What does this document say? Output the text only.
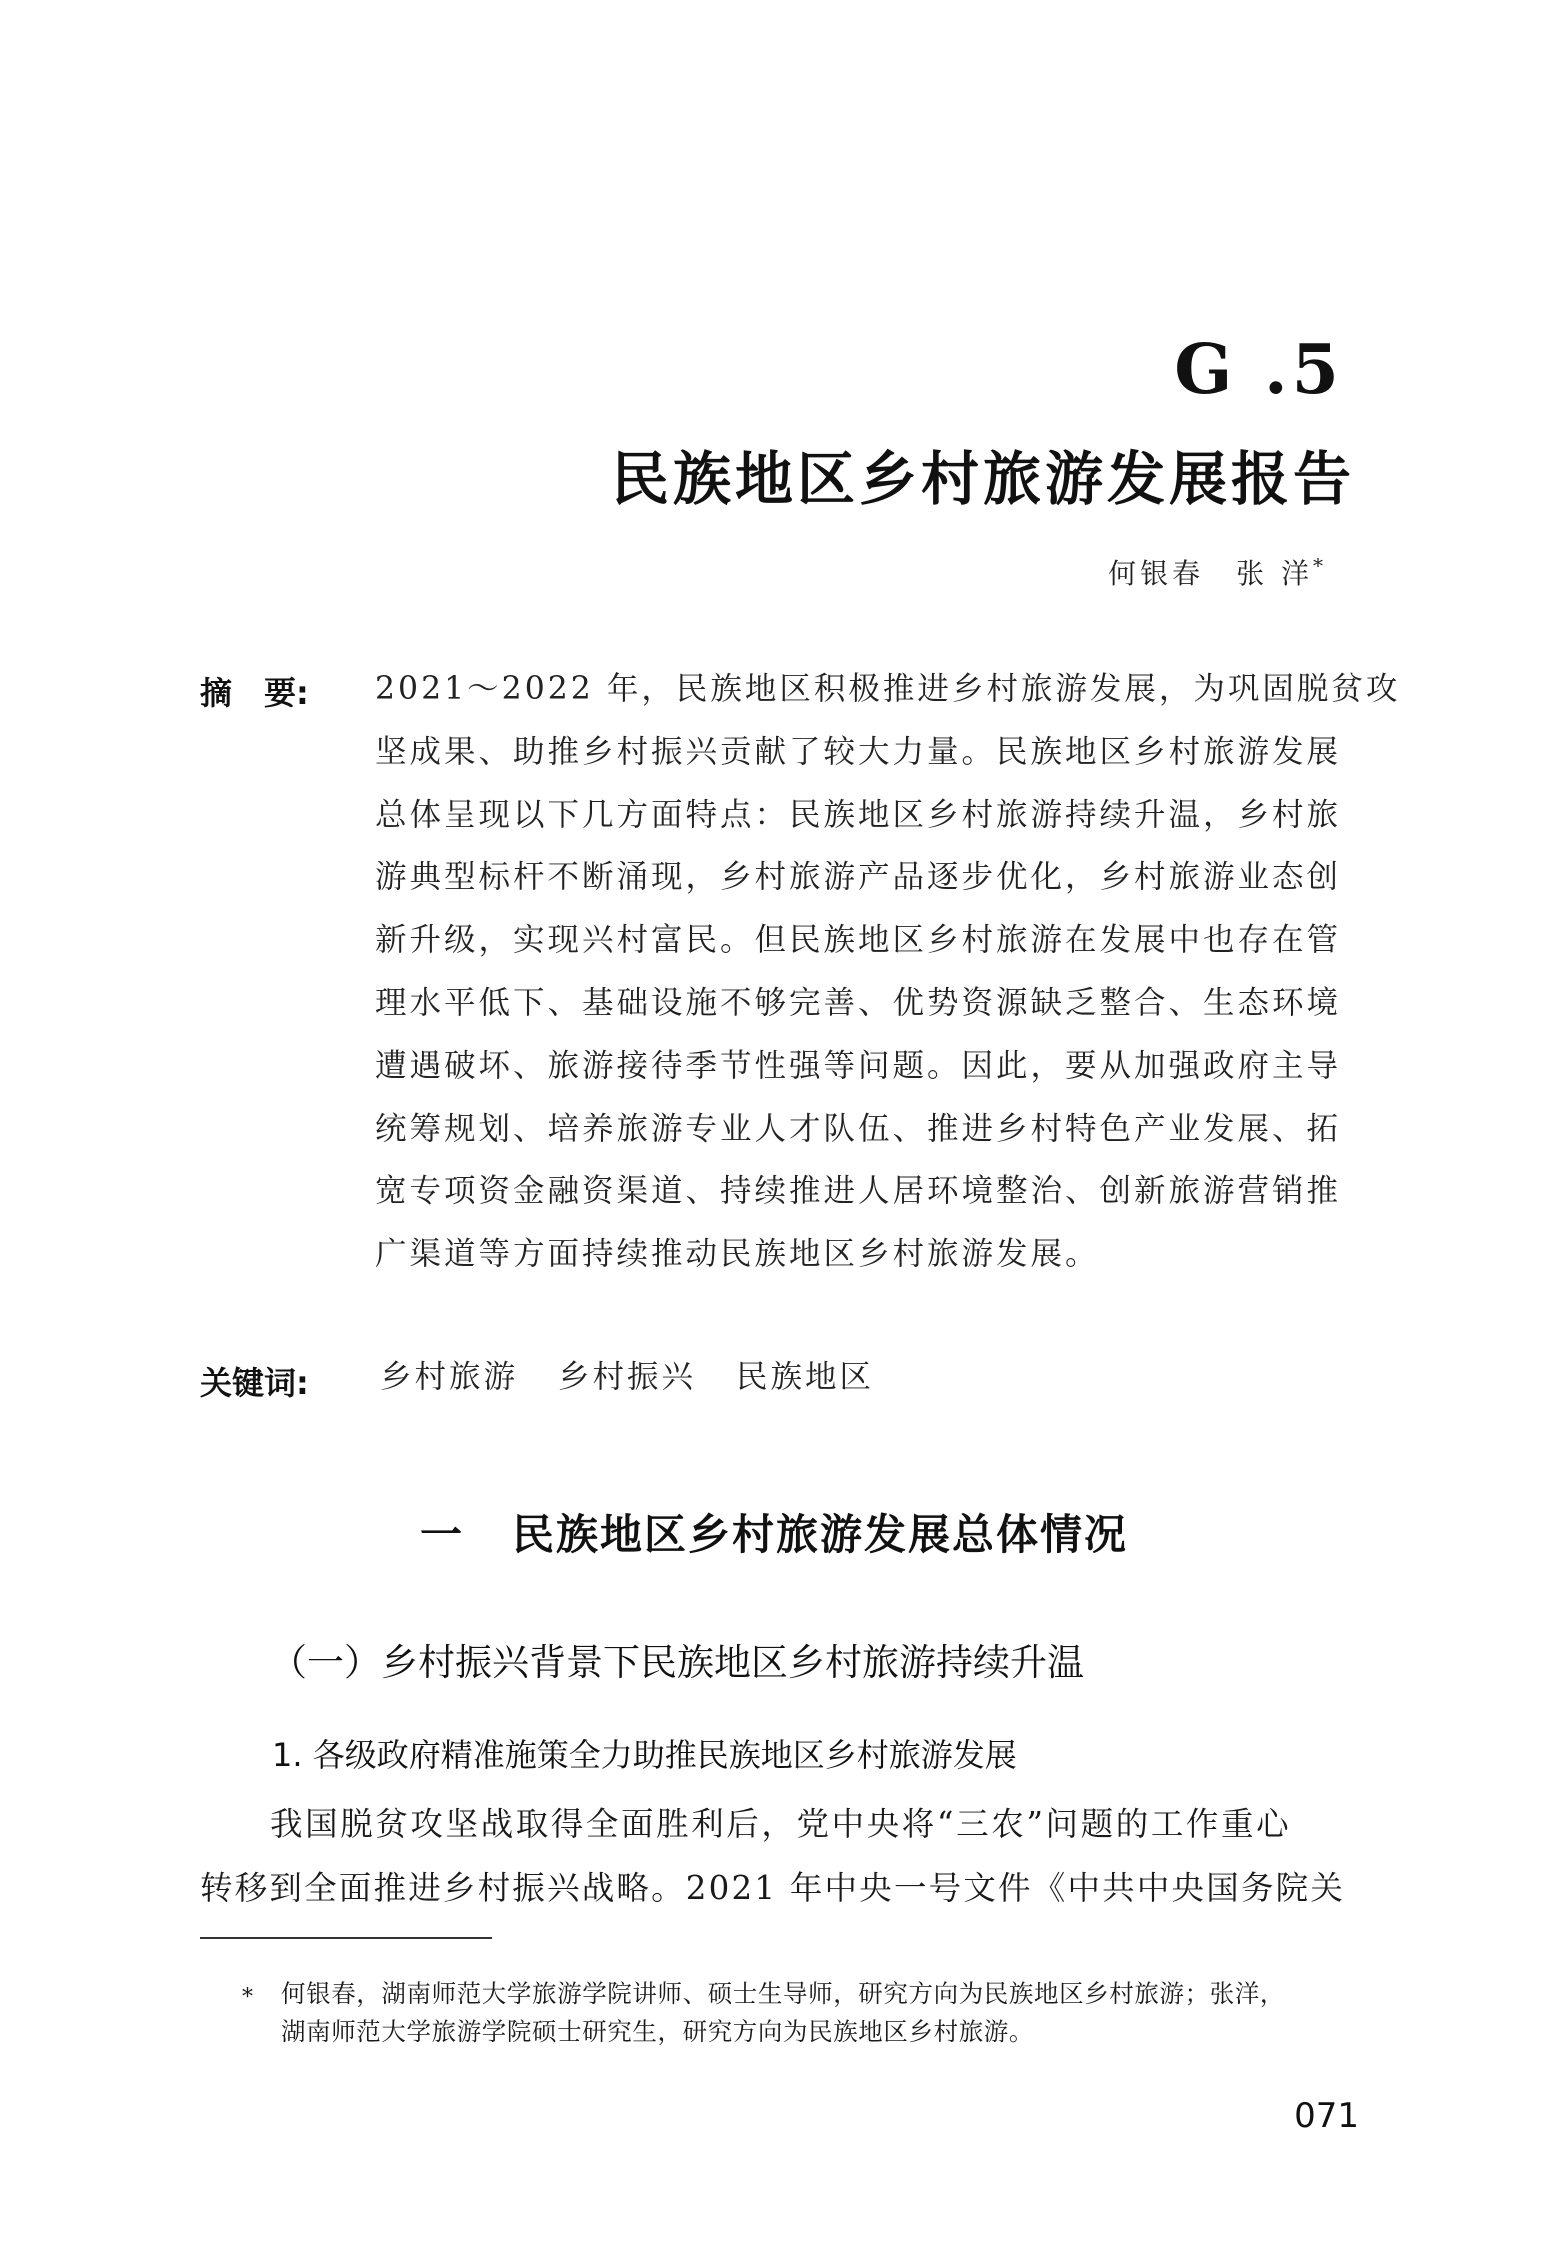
G .5
民族地区乡村旅游发展报告
何银春　张 洋*
摘　要: 2021～2022 年，民族地区积极推进乡村旅游发展，为巩固脱贫攻
坚成果、助推乡村振兴贡献了较大力量。民族地区乡村旅游发展
总体呈现以下几方面特点：民族地区乡村旅游持续升温，乡村旅
游典型标杆不断涌现，乡村旅游产品逐步优化，乡村旅游业态创
新升级，实现兴村富民。但民族地区乡村旅游在发展中也存在管
理水平低下、基础设施不够完善、优势资源缺乏整合、生态环境
遭遇破坏、旅游接待季节性强等问题。因此，要从加强政府主导
统筹规划、培养旅游专业人才队伍、推进乡村特色产业发展、拓
宽专项资金融资渠道、持续推进人居环境整治、创新旅游营销推
广渠道等方面持续推动民族地区乡村旅游发展。
关键词: 乡村旅游 乡村振兴 民族地区
一 民族地区乡村旅游发展总体情况
（一）乡村振兴背景下民族地区乡村旅游持续升温
1. 各级政府精准施策全力助推民族地区乡村旅游发展
我国脱贫攻坚战取得全面胜利后，党中央将“三农”问题的工作重心
转移到全面推进乡村振兴战略。2021 年中央一号文件《中共中央国务院关
*	何银春，湖南师范大学旅游学院讲师、硕士生导师，研究方向为民族地区乡村旅游；张洋，
湖南师范大学旅游学院硕士研究生，研究方向为民族地区乡村旅游。
071
